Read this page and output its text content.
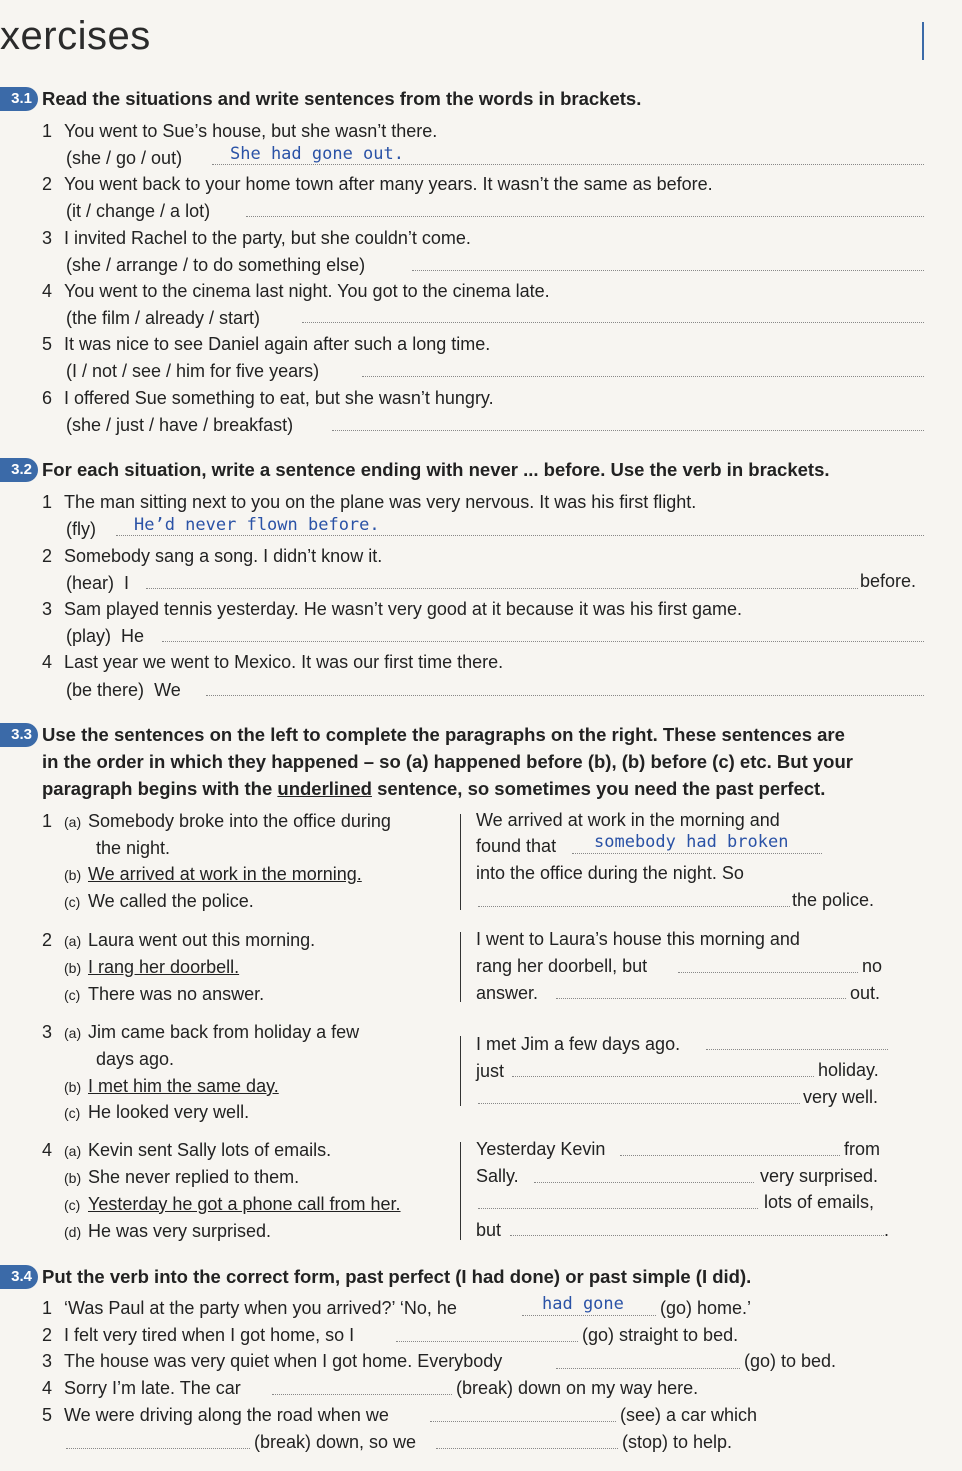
xercises
3.1 Read the situations and write sentences from the words in brackets.
1 You went to Sue’s house, but she wasn’t there.
(she / go / out)	She had gone out.
2 You went back to your home town after many years. It wasn’t the same as before.
(it / change / a lot)
3 I invited Rachel to the party, but she couldn’t come.
(she / arrange / to do something else)
4 You went to the cinema last night. You got to the cinema late.
(the film / already / start)
5 It was nice to see Daniel again after such a long time.
(I / not / see / him for five years)
6 I offered Sue something to eat, but she wasn’t hungry.
(she / just / have / breakfast)
3.2 For each situation, write a sentence ending with never ... before. Use the verb in brackets.
1 The man sitting next to you on the plane was very nervous. It was his first flight.
(fly) He’d never flown before.
2 Somebody sang a song. I didn’t know it.
(hear) I	before.
3 Sam played tennis yesterday. He wasn’t very good at it because it was his first game.
(play) He
4 Last year we went to Mexico. It was our first time there.
(be there) We
3.3 Use the sentences on the left to complete the paragraphs on the right. These sentences are
in the order in which they happened – so (a) happened before (b), (b) before (c) etc. But your
paragraph begins with the underlined sentence, so sometimes you need the past perfect.
1 (a) Somebody broke into the office during
the night.
(b) We arrived at work in the morning.
(c) We called the police.
We arrived at work in the morning and
found that somebody had broken
into the office during the night. So
the police.
2 (a) Laura went out this morning.
(b) I rang her doorbell.
(c) There was no answer.
I went to Laura’s house this morning and
rang her doorbell, but	no
answer.	out.
3 (a) Jim came back from holiday a few
days ago.
(b) I met him the same day.
(c) He looked very well.
I met Jim a few days ago.
just	holiday.
very well.
4 (a) Kevin sent Sally lots of emails.
(b) She never replied to them.
(c) Yesterday he got a phone call from her.
(d) He was very surprised.
Yesterday Kevin	from
Sally.	very surprised.
lots of emails,
but	.
3.4 Put the verb into the correct form, past perfect (I had done) or past simple (I did).
1 ‘Was Paul at the party when you arrived?’ ‘No, he	had gone (go) home.’
2 I felt very tired when I got home, so I	(go) straight to bed.
3 The house was very quiet when I got home. Everybody	(go) to bed.
4 Sorry I’m late. The car	(break) down on my way here.
5 We were driving along the road when we	(see) a car which
(break) down, so we	(stop) to help.
